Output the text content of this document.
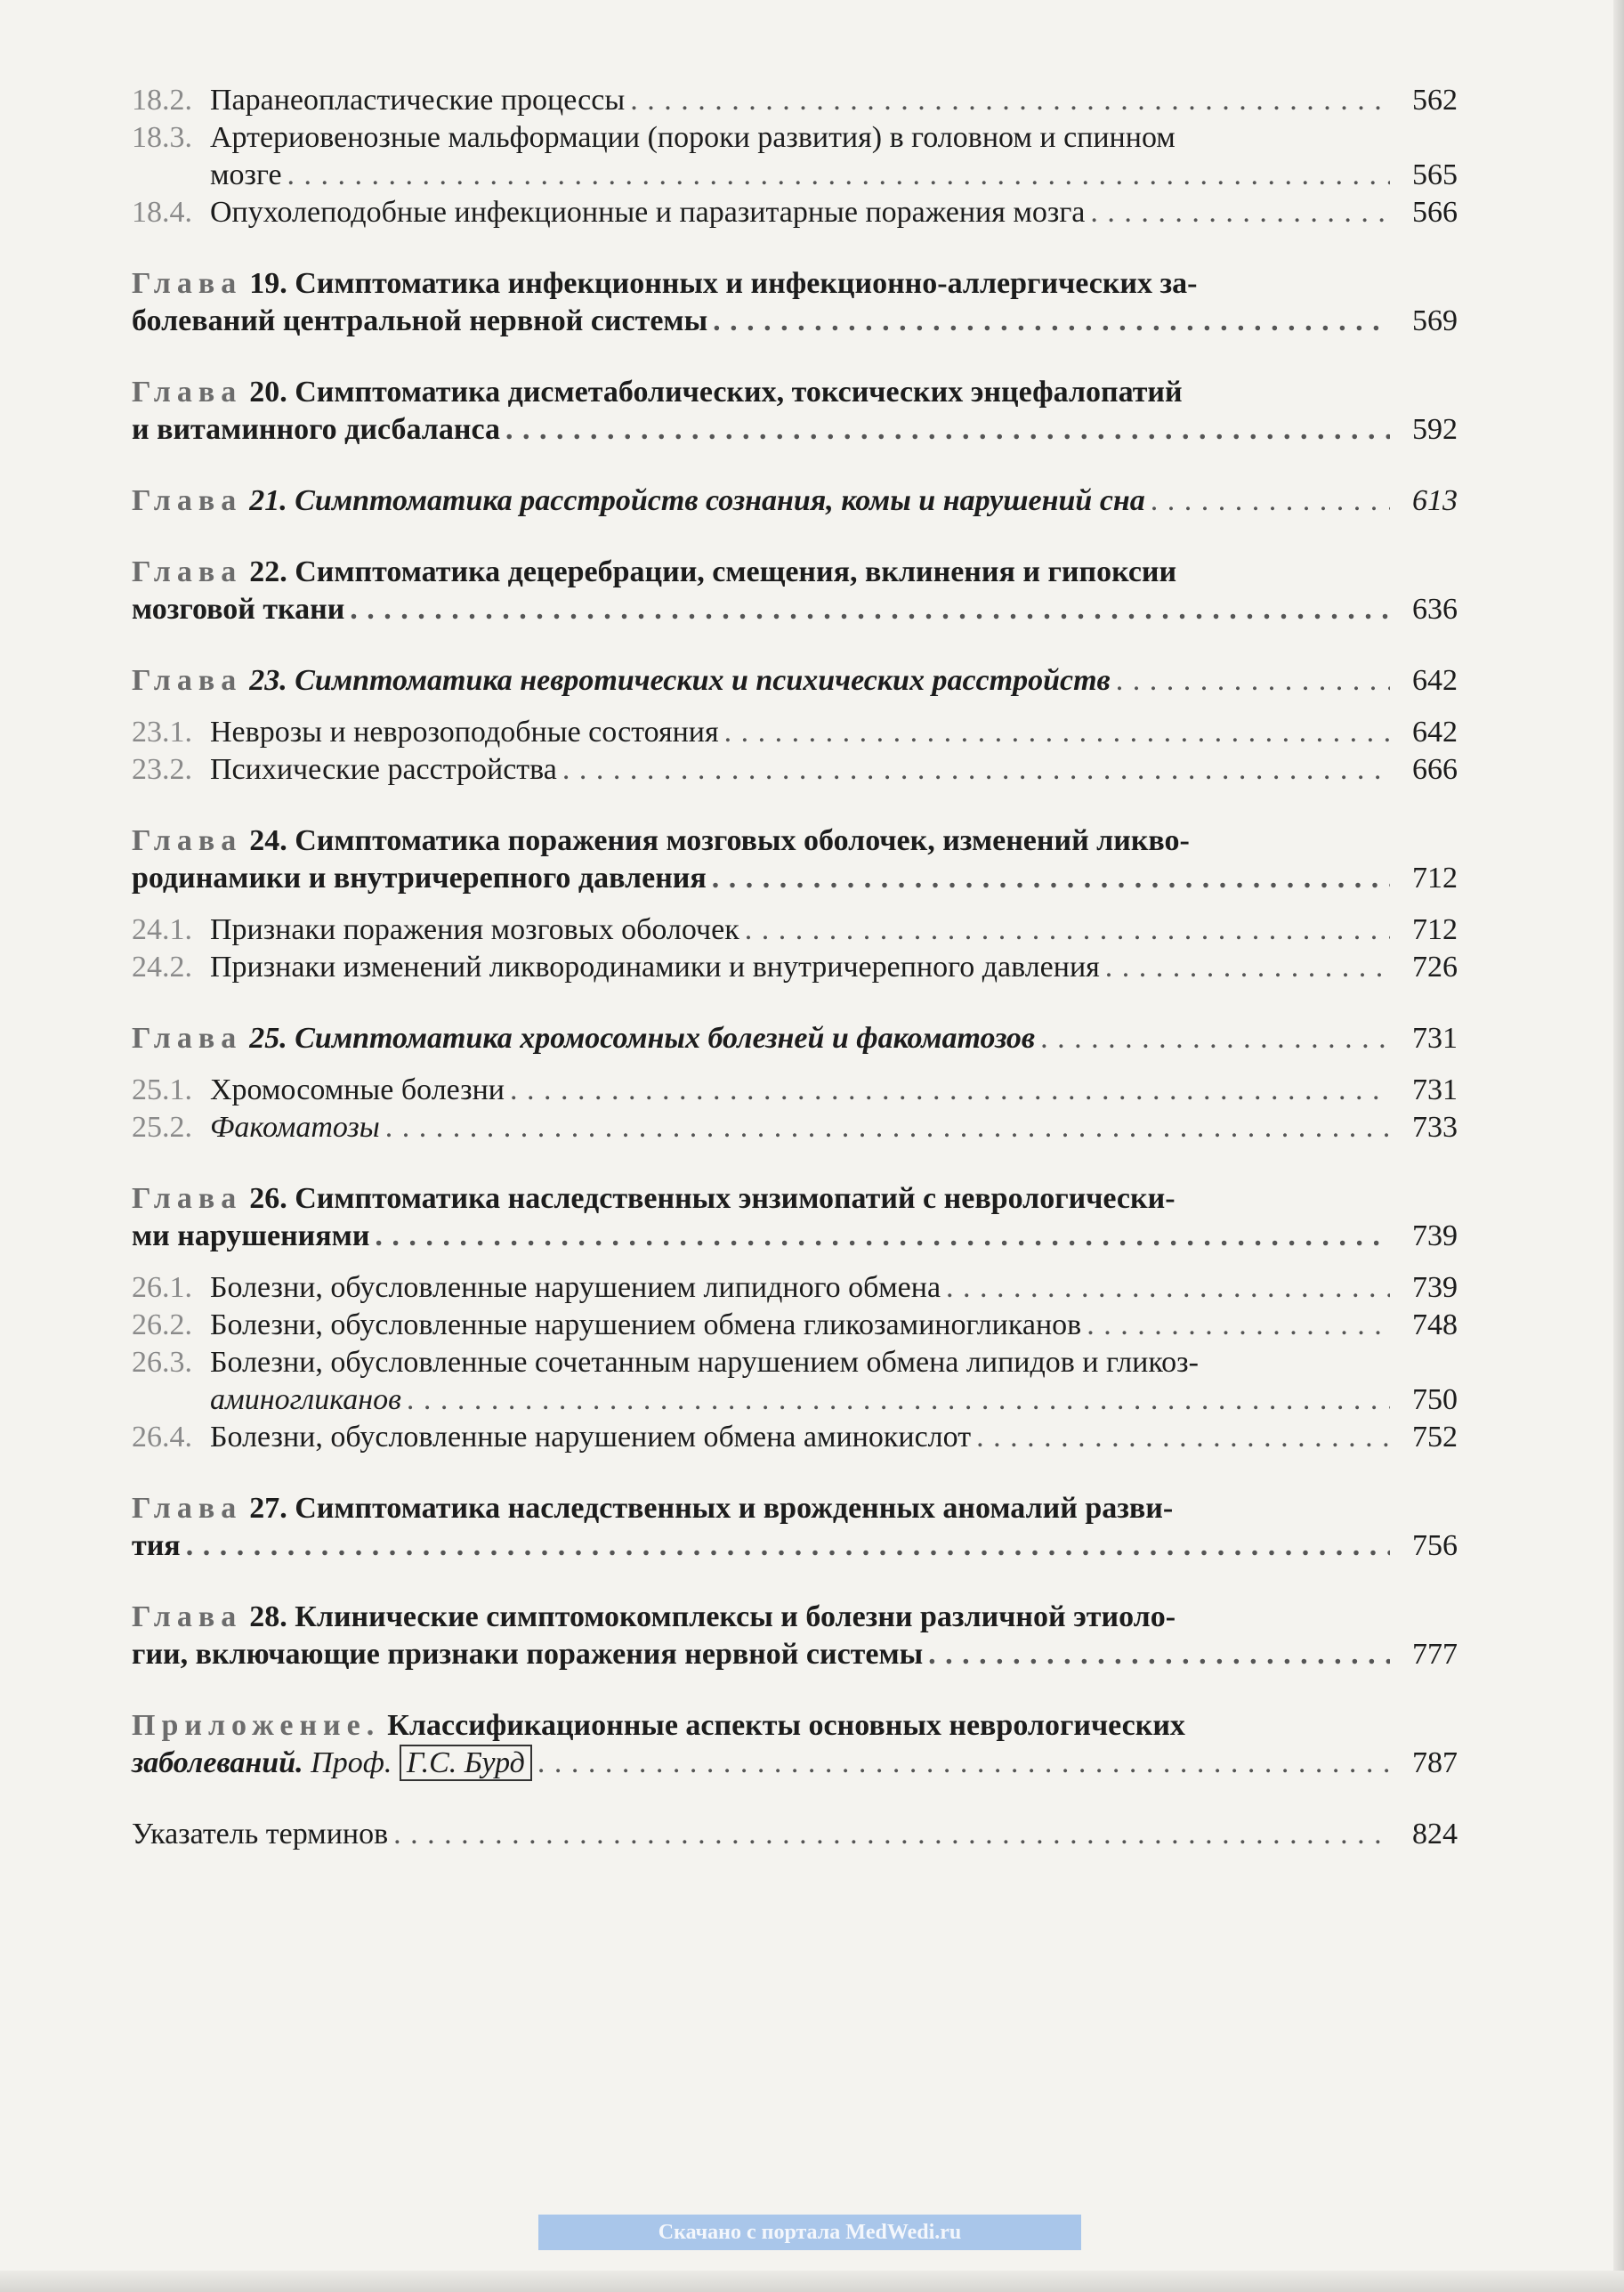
18.2. Паранеопластические процессы . . .	562
18.3. Артериовенозные мальформации (пороки развития) в головном и спинном
мозге . . .	565
18.4. Опухолеподобные инфекционные и паразитарные поражения мозга . . .	566
Глава 19. Симптоматика инфекционных и инфекционно-аллергических за-
болеваний центральной нервной системы . . .	569
Глава 20. Симптоматика дисметаболических, токсических энцефалопатий
и витаминного дисбаланса . . .	592
Глава 21. Симптоматика расстройств сознания, комы и нарушений сна . . .	613
Глава 22. Симптоматика децеребрации, смещения, вклинения и гипоксии
мозговой ткани . . .	636
Глава 23. Симптоматика невротических и психических расстройств . . .	642
23.1. Неврозы и неврозоподобные состояния . . .	642
23.2. Психические расстройства . . .	666
Глава 24. Симптоматика поражения мозговых оболочек, изменений ликво-
родинамики и внутричерепного давления . . .	712
24.1. Признаки поражения мозговых оболочек . . .	712
24.2. Признаки изменений ликвородинамики и внутричерепного давления . . .	726
Глава 25. Симптоматика хромосомных болезней и факоматозов . . .	731
25.1. Хромосомные болезни . . .	731
25.2. Факоматозы . . .	733
Глава 26. Симптоматика наследственных энзимопатий с неврологически-
ми нарушениями . . .	739
26.1. Болезни, обусловленные нарушением липидного обмена . . .	739
26.2. Болезни, обусловленные нарушением обмена гликозаминогликанов . . .	748
26.3. Болезни, обусловленные сочетанным нарушением обмена липидов и гликоз-
аминогликанов . . .	750
26.4. Болезни, обусловленные нарушением обмена аминокислот . . .	752
Глава 27. Симптоматика наследственных и врожденных аномалий разви-
тия . . .	756
Глава 28. Клинические симптомокомплексы и болезни различной этиоло-
гии, включающие признаки поражения нервной системы . . .	777
Приложение. Классификационные аспекты основных неврологических
заболеваний. Проф. Г.С. Бурд . . .	787
Указатель терминов . . .	824
Скачано с портала MedWedi.ru
